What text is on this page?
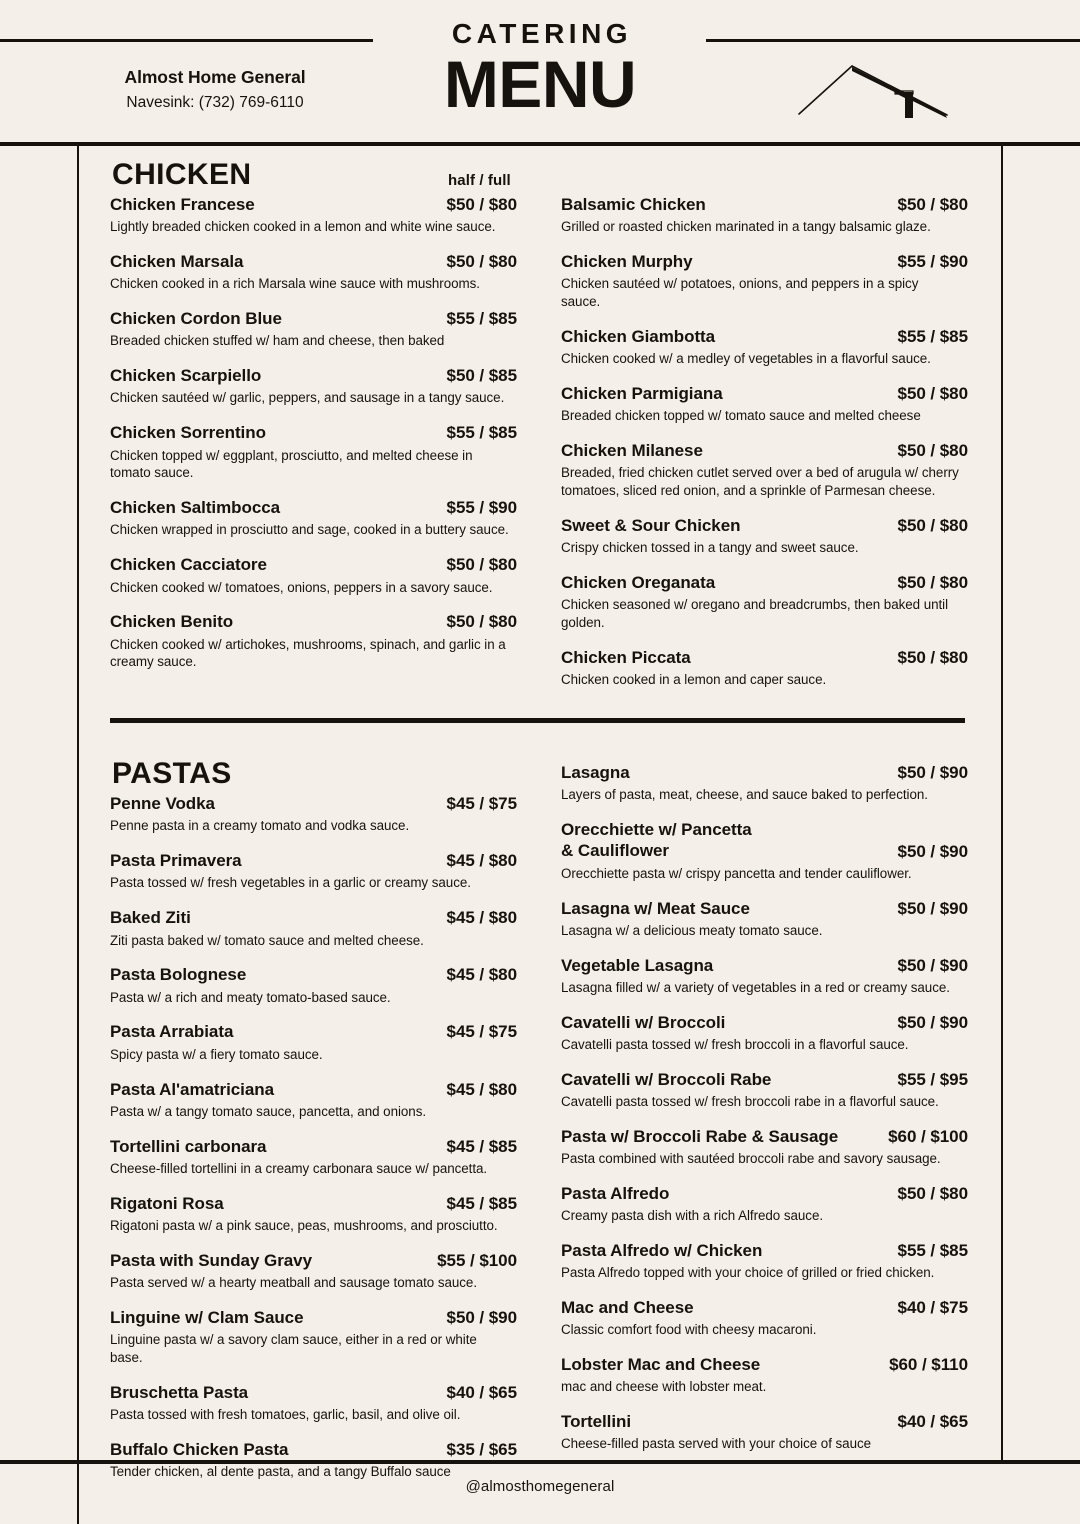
Almost Home General
Navesink: (732) 769-6110
CATERING
MENU
CHICKEN	half / full
Chicken Francese	$50 / $80
Lightly breaded chicken cooked in a lemon and white wine sauce.
Chicken Marsala	$50 / $80
Chicken cooked in a rich Marsala wine sauce with mushrooms.
Chicken Cordon Blue	$55 / $85
Breaded chicken stuffed w/ ham and cheese, then baked
Chicken Scarpiello	$50 / $85
Chicken sautéed w/ garlic, peppers, and sausage in a tangy sauce.
Chicken Sorrentino	$55 / $85
Chicken topped w/ eggplant, prosciutto, and melted cheese in tomato sauce.
Chicken Saltimbocca	$55 / $90
Chicken wrapped in prosciutto and sage, cooked in a buttery sauce.
Chicken Cacciatore	$50 / $80
Chicken cooked w/ tomatoes, onions, peppers in a savory sauce.
Chicken Benito	$50 / $80
Chicken cooked w/ artichokes, mushrooms, spinach, and garlic in a creamy sauce.
Balsamic Chicken	$50 / $80
Grilled or roasted chicken marinated in a tangy balsamic glaze.
Chicken Murphy	$55 / $90
Chicken sautéed w/ potatoes, onions, and peppers in a spicy sauce.
Chicken Giambotta	$55 / $85
Chicken cooked w/ a medley of vegetables in a flavorful sauce.
Chicken Parmigiana	$50 / $80
Breaded chicken topped w/ tomato sauce and melted cheese
Chicken Milanese	$50 / $80
Breaded, fried chicken cutlet served over a bed of arugula w/ cherry tomatoes, sliced red onion, and a sprinkle of Parmesan cheese.
Sweet & Sour Chicken	$50 / $80
Crispy chicken tossed in a tangy and sweet sauce.
Chicken Oreganata	$50 / $80
Chicken seasoned w/ oregano and breadcrumbs, then baked until golden.
Chicken Piccata	$50 / $80
Chicken cooked in a lemon and caper sauce.
PASTAS
Penne Vodka	$45 / $75
Penne pasta in a creamy tomato and vodka sauce.
Pasta Primavera	$45 / $80
Pasta tossed w/ fresh vegetables in a garlic or creamy sauce.
Baked Ziti	$45 / $80
Ziti pasta baked w/ tomato sauce and melted cheese.
Pasta Bolognese	$45 / $80
Pasta w/ a rich and meaty tomato-based sauce.
Pasta Arrabiata	$45 / $75
Spicy pasta w/ a fiery tomato sauce.
Pasta Al'amatriciana	$45 / $80
Pasta w/ a tangy tomato sauce, pancetta, and onions.
Tortellini carbonara	$45 / $85
Cheese-filled tortellini in a creamy carbonara sauce w/ pancetta.
Rigatoni Rosa	$45 / $85
Rigatoni pasta w/ a pink sauce, peas, mushrooms, and prosciutto.
Pasta with Sunday Gravy	$55 / $100
Pasta served w/ a hearty meatball and sausage tomato sauce.
Linguine w/ Clam Sauce	$50 / $90
Linguine pasta w/ a savory clam sauce, either in a red or white base.
Bruschetta Pasta	$40 / $65
Pasta tossed with fresh tomatoes, garlic, basil, and olive oil.
Buffalo Chicken Pasta	$35 / $65
Tender chicken, al dente pasta, and a tangy Buffalo sauce
Lasagna	$50 / $90
Layers of pasta, meat, cheese, and sauce baked to perfection.
Orecchiette w/ Pancetta
& Cauliflower	$50 / $90
Orecchiette pasta w/ crispy pancetta and tender cauliflower.
Lasagna w/ Meat Sauce	$50 / $90
Lasagna w/ a delicious meaty tomato sauce.
Vegetable Lasagna	$50 / $90
Lasagna filled w/ a variety of vegetables in a red or creamy sauce.
Cavatelli w/ Broccoli	$50 / $90
Cavatelli pasta tossed w/ fresh broccoli in a flavorful sauce.
Cavatelli w/ Broccoli Rabe	$55 / $95
Cavatelli pasta tossed w/ fresh broccoli rabe in a flavorful sauce.
Pasta w/ Broccoli Rabe & Sausage	$60 / $100
Pasta combined with sautéed broccoli rabe and savory sausage.
Pasta Alfredo	$50 / $80
Creamy pasta dish with a rich Alfredo sauce.
Pasta Alfredo w/ Chicken	$55 / $85
Pasta Alfredo topped with your choice of grilled or fried chicken.
Mac and Cheese	$40 / $75
Classic comfort food with cheesy macaroni.
Lobster Mac and Cheese	$60 / $110
mac and cheese with lobster meat.
Tortellini	$40 / $65
Cheese-filled pasta served with your choice of sauce
@almosthomegeneral
